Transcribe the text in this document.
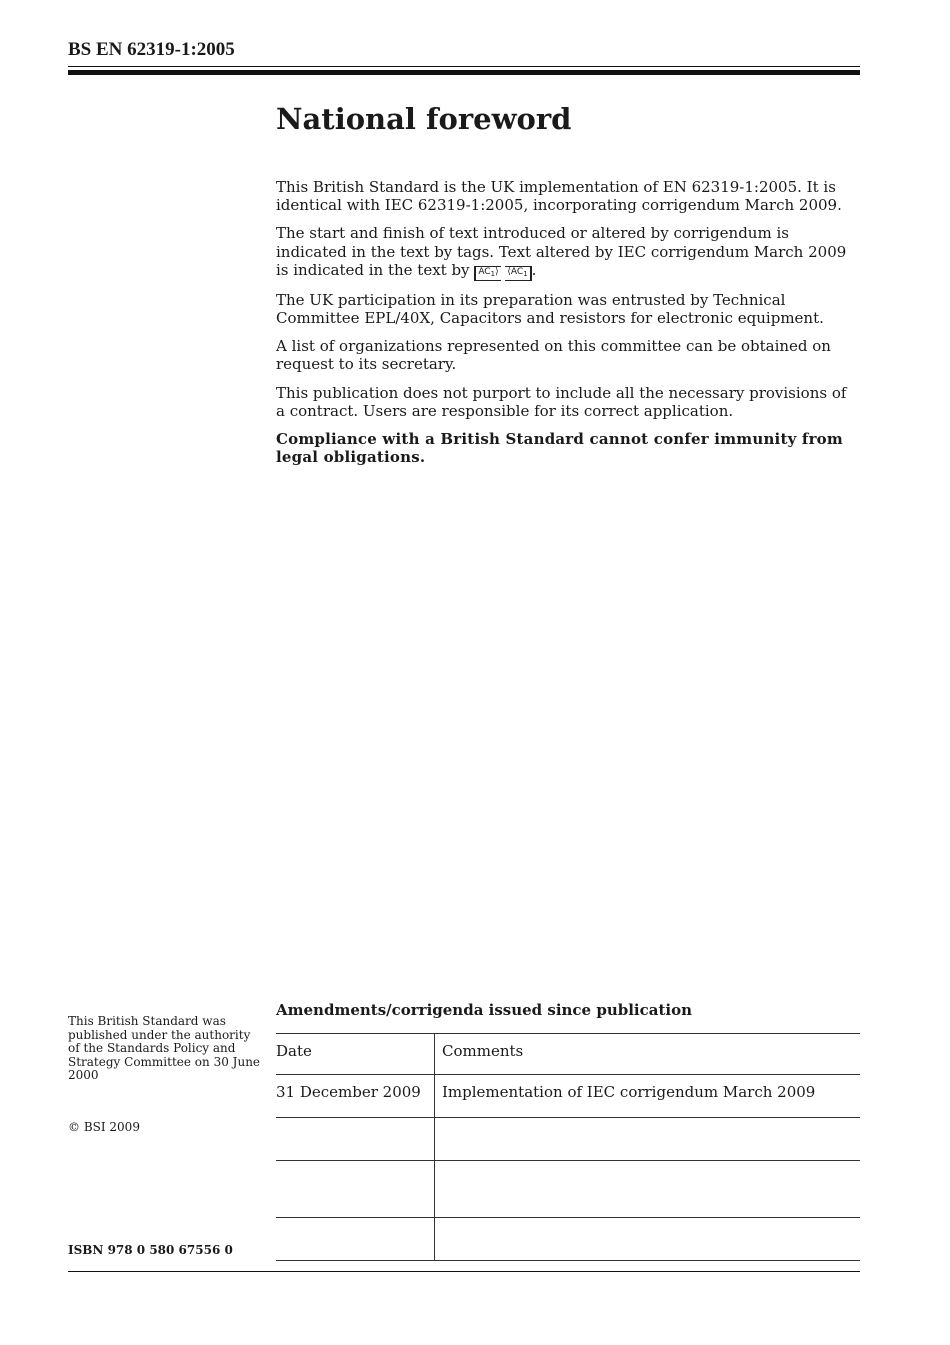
BS EN 62319-1:2005
National foreword

This British Standard is the UK implementation of EN 62319-1:2005. It is identical with IEC 62319-1:2005, incorporating corrigendum March 2009.

The start and finish of text introduced or altered by corrigendum is indicated in the text by tags. Text altered by IEC corrigendum March 2009 is indicated in the text by $AC_1⟩$ $⟨AC_1$ .

The UK participation in its preparation was entrusted by Technical Committee EPL/40X, Capacitors and resistors for electronic equipment.

A list of organizations represented on this committee can be obtained on request to its secretary.

This publication does not purport to include all the necessary provisions of a contract. Users are responsible for its correct application.

Compliance with a British Standard cannot confer immunity from legal obligations.

This British Standard was published under the authority of the Standards Policy and Strategy Committee on 30 June 2000
© BSI 2009
ISBN 978 0 580 67556 0
Amendments/corrigenda issued since publication
Date	Comments
31 December 2009 Implementation of IEC corrigendum March 2009
